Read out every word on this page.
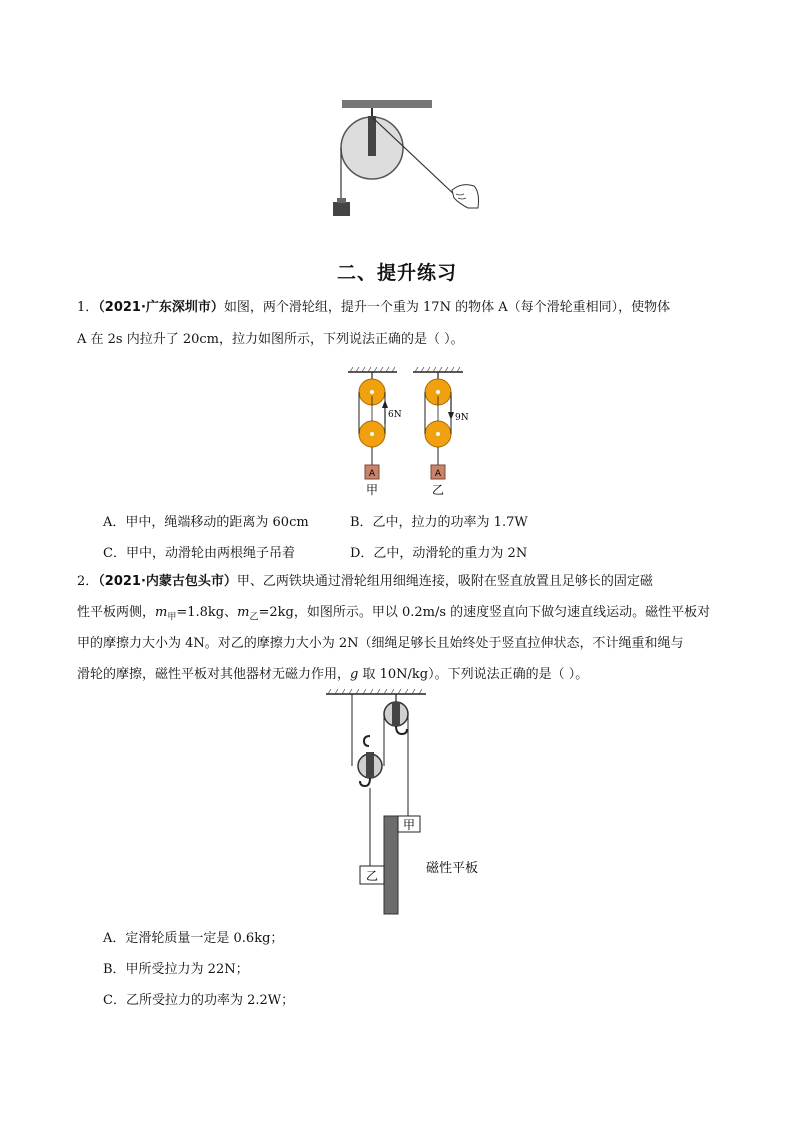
二、提升练习
1．（2021·广东深圳市）如图，两个滑轮组，提升一个重为 17N 的物体 A（每个滑轮重相同），使物体
A 在 2s 内拉升了 20cm，拉力如图所示，下列说法正确的是（ ）。
6N
A
甲
9N
A
乙
A．甲中，绳端移动的距离为 60cm	B．乙中，拉力的功率为 1.7W
C．甲中，动滑轮由两根绳子吊着	D．乙中，动滑轮的重力为 2N
2．（2021·内蒙古包头市）甲、乙两铁块通过滑轮组用细绳连接，吸附在竖直放置且足够长的固定磁
性平板两侧，$m_甲=1.8kg$、$m_乙=2kg$，如图所示。甲以 0.2m/s 的速度竖直向下做匀速直线运动。磁性平板对
甲的摩擦力大小为 4N。对乙的摩擦力大小为 2N（细绳足够长且始终处于竖直拉伸状态，不计绳重和绳与
滑轮的摩擦，磁性平板对其他器材无磁力作用，g 取 10N/kg）。下列说法正确的是（ ）。
甲
乙	磁性平板
A．定滑轮质量一定是 0.6kg；
B．甲所受拉力为 22N；
C．乙所受拉力的功率为 2.2W；
